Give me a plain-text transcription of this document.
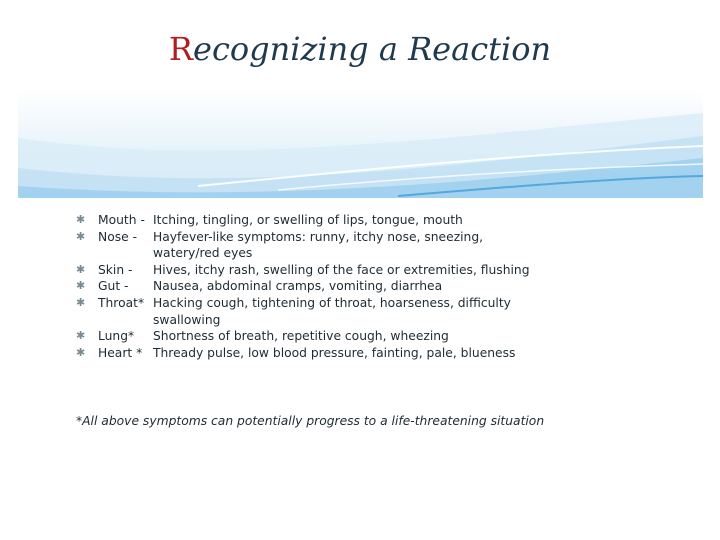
Recognizing a Reaction
✱ Mouth - Itching, tingling, or swelling of lips, tongue, mouth
✱ Nose -	Hayfever-like symptoms: runny, itchy nose, sneezing, watery/red eyes
✱ Skin -	Hives, itchy rash, swelling of the face or extremities, flushing
✱ Gut -	Nausea, abdominal cramps, vomiting, diarrhea
✱ Throat* Hacking cough, tightening of throat, hoarseness, difficulty swallowing
✱ Lung*	Shortness of breath, repetitive cough, wheezing
✱ Heart * Thready pulse, low blood pressure, fainting, pale, blueness
*All above symptoms can potentially progress to a life-threatening situation
